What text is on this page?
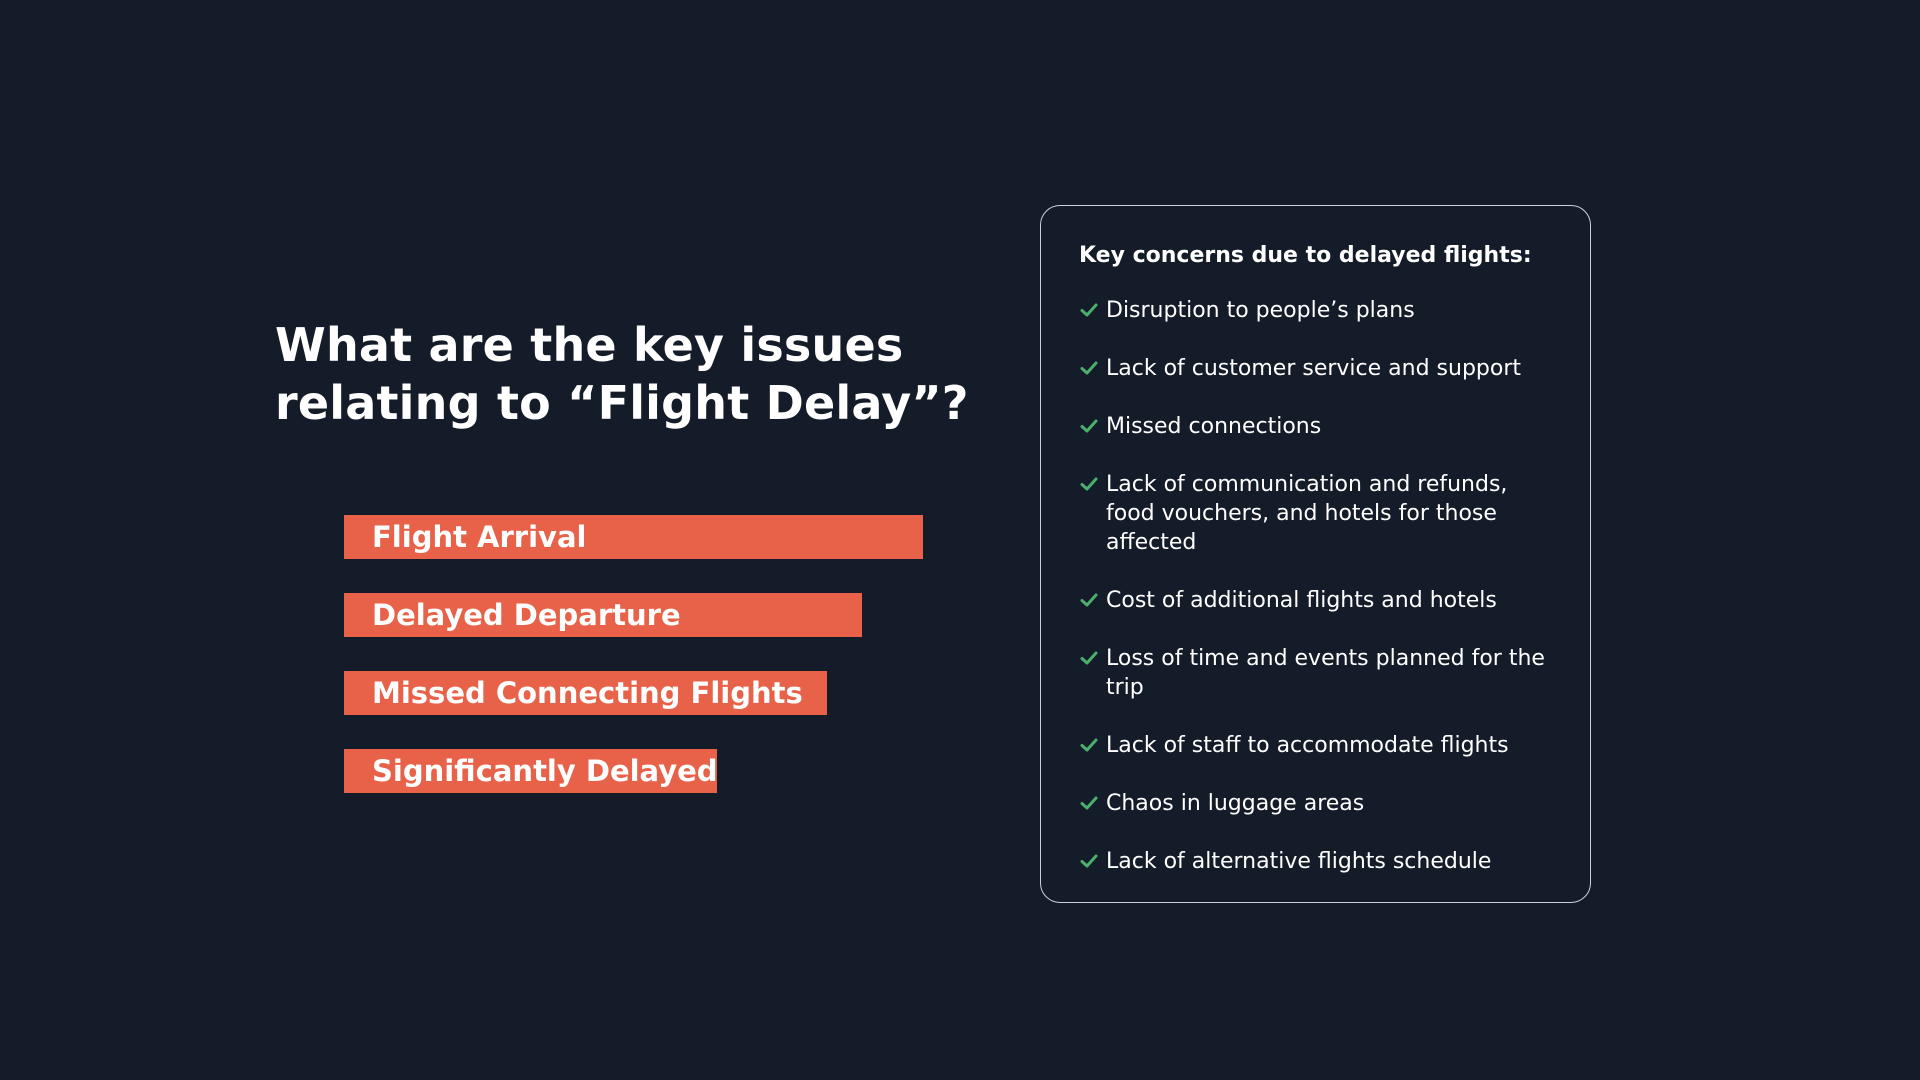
What are the key issues relating to “Flight Delay”?
Flight Arrival
Delayed Departure
Missed Connecting Flights
Significantly Delayed
Key concerns due to delayed flights:
Disruption to people’s plans
Lack of customer service and support
Missed connections
Lack of communication and refunds, food vouchers, and hotels for those affected
Cost of additional flights and hotels
Loss of time and events planned for the trip
Lack of staff to accommodate flights
Chaos in luggage areas
Lack of alternative flights schedule
